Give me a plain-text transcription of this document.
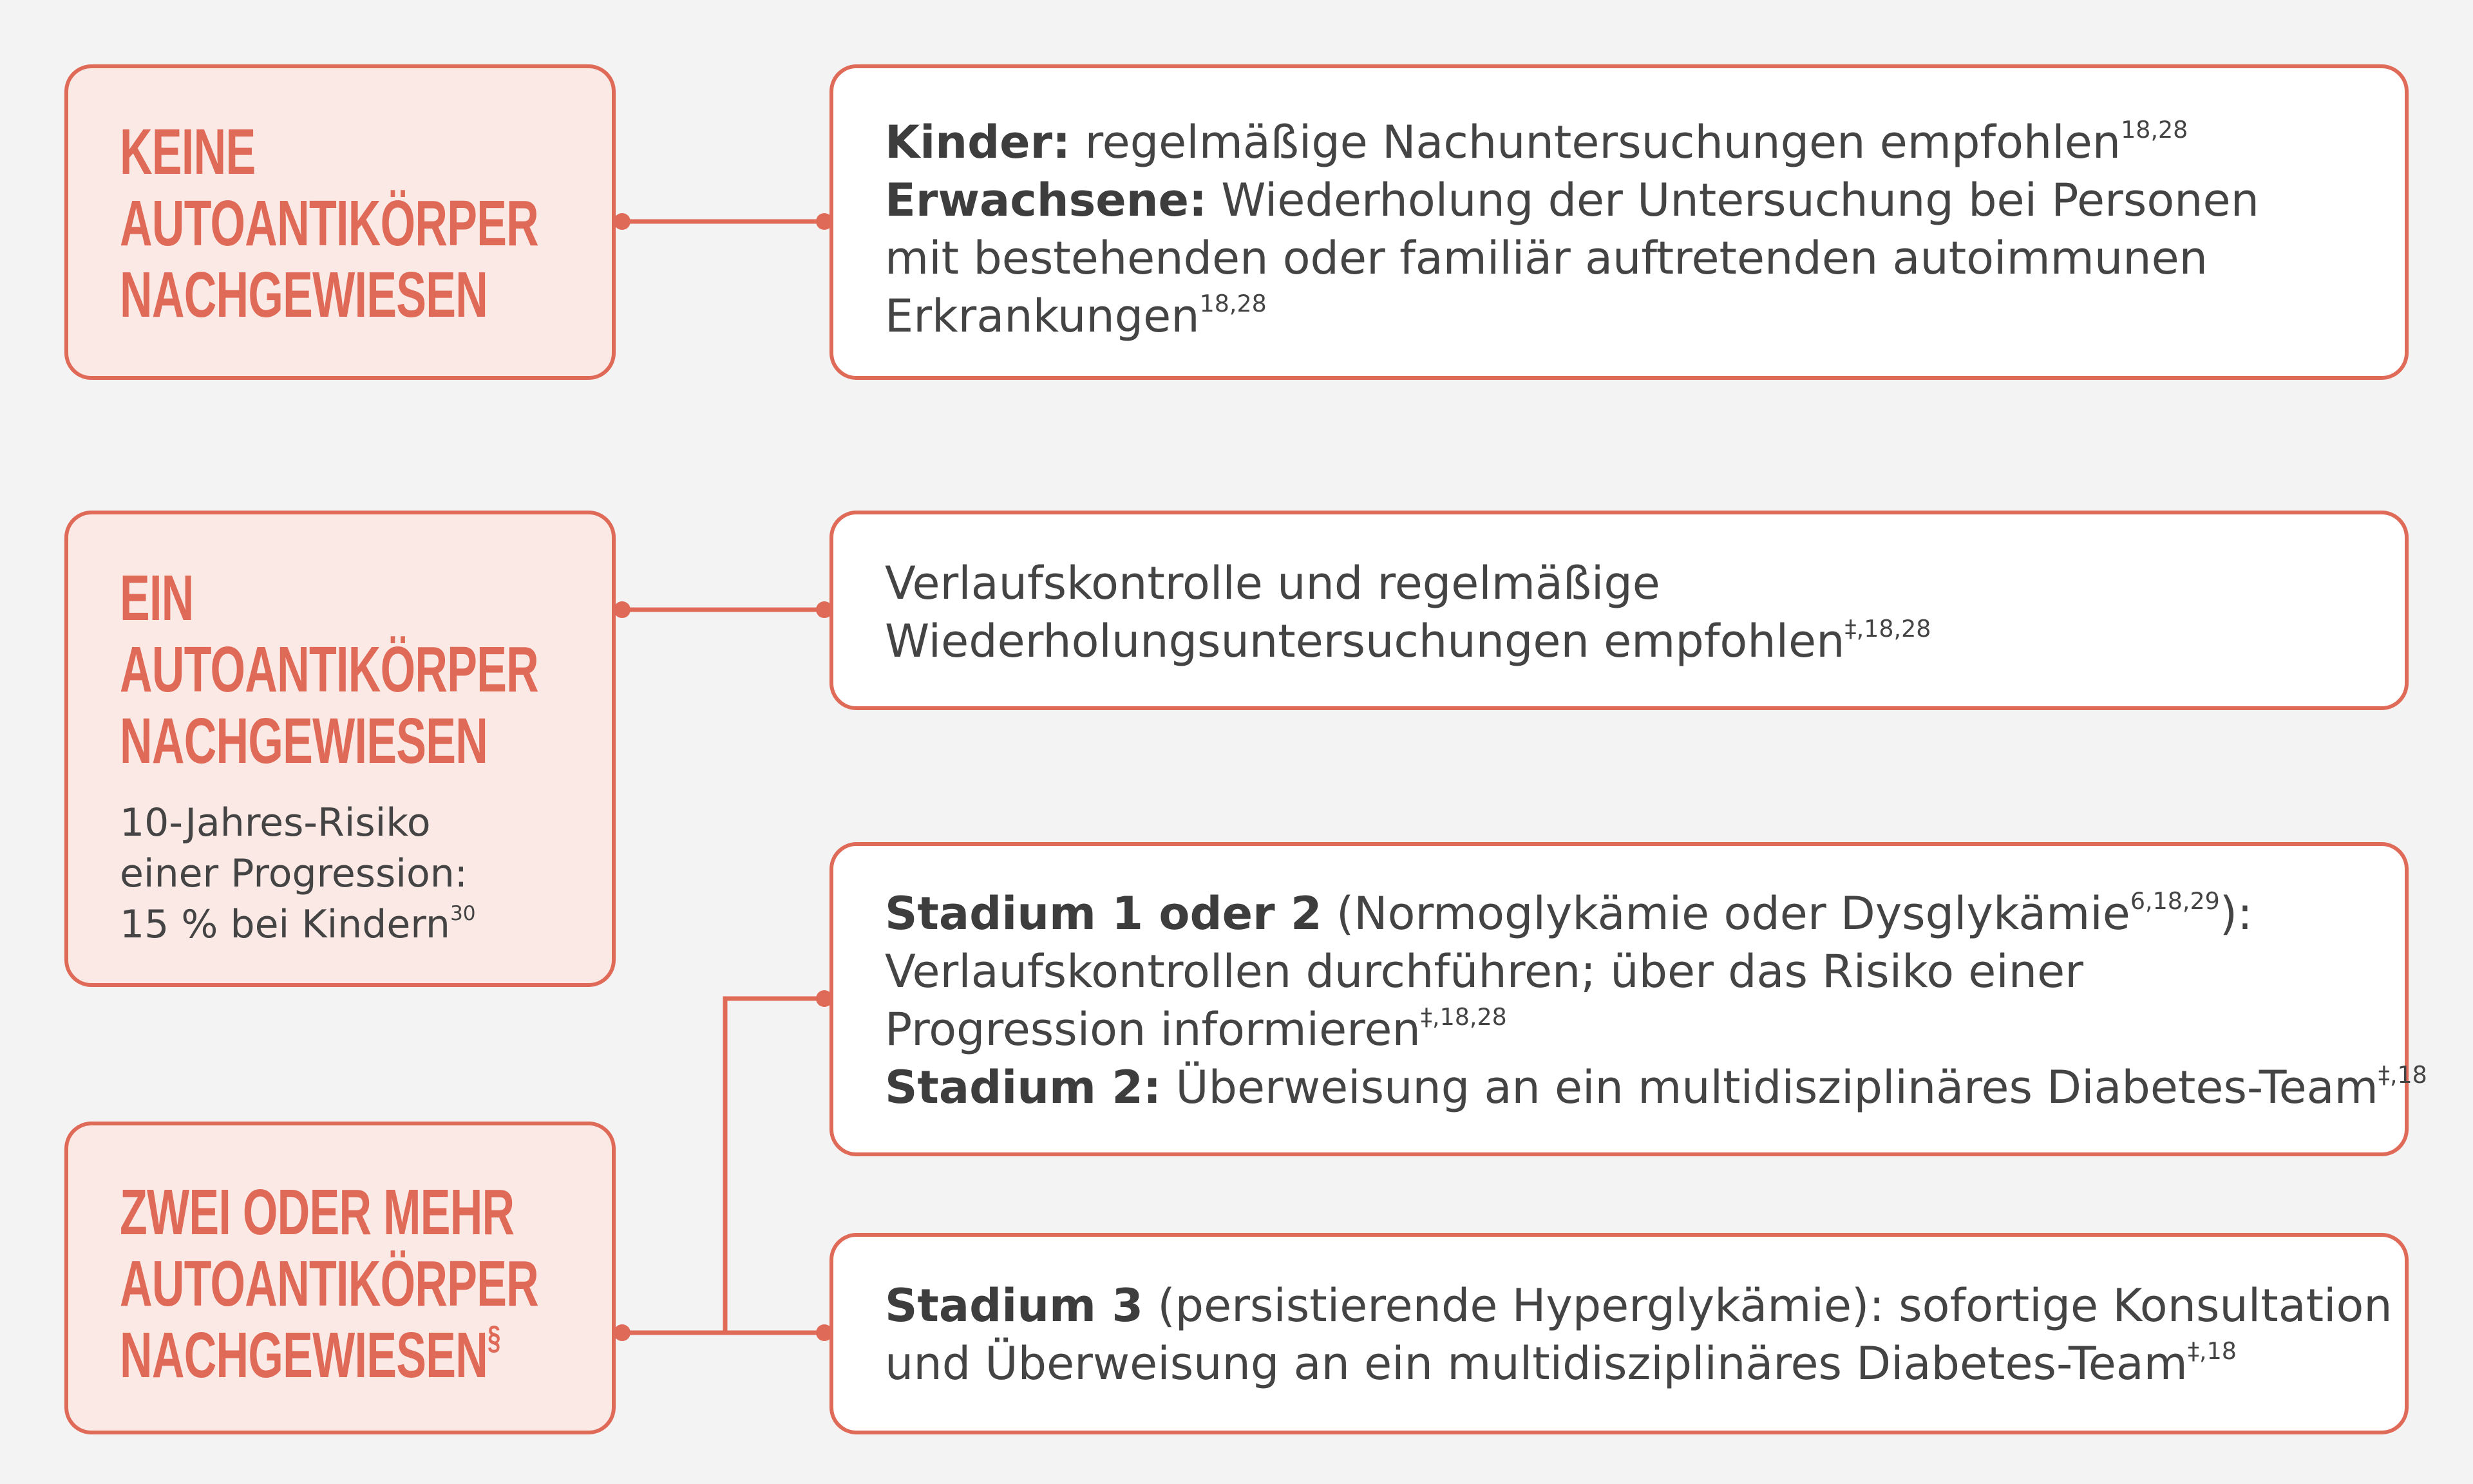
KEINE
AUTOANTIKÖRPER
NACHGEWIESEN
EIN
AUTOANTIKÖRPER
NACHGEWIESEN
10-Jahres-Risiko
einer Progression:
15 % bei Kindern$^{30}$
ZWEI ODER MEHR
AUTOANTIKÖRPER
NACHGEWIESEN§
Kinder: regelmäßige Nachuntersuchungen empfohlen$^{18,28}$
Erwachsene: Wiederholung der Untersuchung bei Personen
mit bestehenden oder familiär auftretenden autoimmunen
Erkrankungen$^{18,28}$
Verlaufskontrolle und regelmäßige
Wiederholungsuntersuchungen empfohlen$^{\ddagger,18,28}$
Stadium 1 oder 2 (Normoglykämie oder Dysglykämie$^{6,18,29}$):
Verlaufskontrollen durchführen; über das Risiko einer
Progression informieren$^{\ddagger,18,28}$
Stadium 2: Überweisung an ein multidisziplinäres Diabetes-Team$^{\ddagger,18}$
Stadium 3 (persistierende Hyperglykämie): sofortige Konsultation
und Überweisung an ein multidisziplinäres Diabetes-Team$^{\ddagger,18}$
